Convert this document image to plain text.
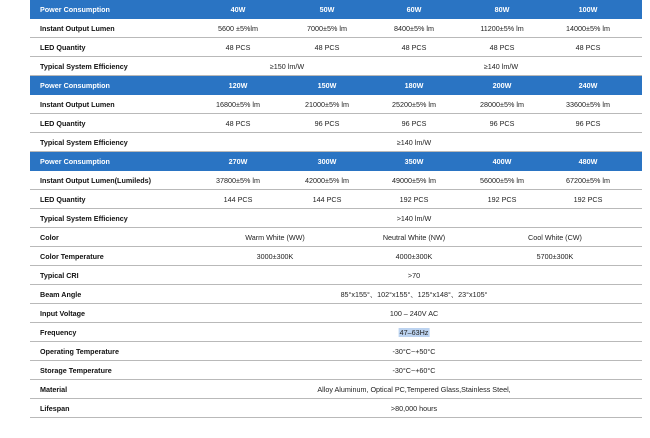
Power Consumption	40W	50W	60W	80W	100W
Instant Output Lumen	5600 ±5%lm	7000±5% lm	8400±5% lm	11200±5% lm	14000±5% lm
LED Quantity	48 PCS	48 PCS	48 PCS	48 PCS	48 PCS
Typical System Efficiency	≥150 lm/W	≥140 lm/W
Power Consumption	120W	150W	180W	200W	240W
Instant Output Lumen	16800±5% lm	21000±5% lm	25200±5% lm	28000±5% lm	33600±5% lm
LED Quantity	48 PCS	96 PCS	96 PCS	96 PCS	96 PCS
Typical System Efficiency	≥140 lm/W
Power Consumption	270W	300W	350W	400W	480W
Instant Output Lumen(Lumileds)	37800±5% lm	42000±5% lm	49000±5% lm	56000±5% lm	67200±5% lm
LED Quantity	144 PCS	144 PCS	192 PCS	192 PCS	192 PCS
Typical System Efficiency	>140 lm/W
Color	Warm White (WW)	Neutral White (NW)	Cool White (CW)
Color Temperature	3000±300K	4000±300K	5700±300K
Typical CRI	>70
Beam Angle	85°x155°、102°x155°、125°x148°、23°x105°
Input Voltage	100 – 240V AC
Frequency	47–63Hz
Operating Temperature	-30°C~+50°C
Storage Temperature	-30°C~+60°C
Material	Alloy Aluminum, Optical PC,Tempered Glass,Stainless Steel,
Lifespan	>80,000 hours
